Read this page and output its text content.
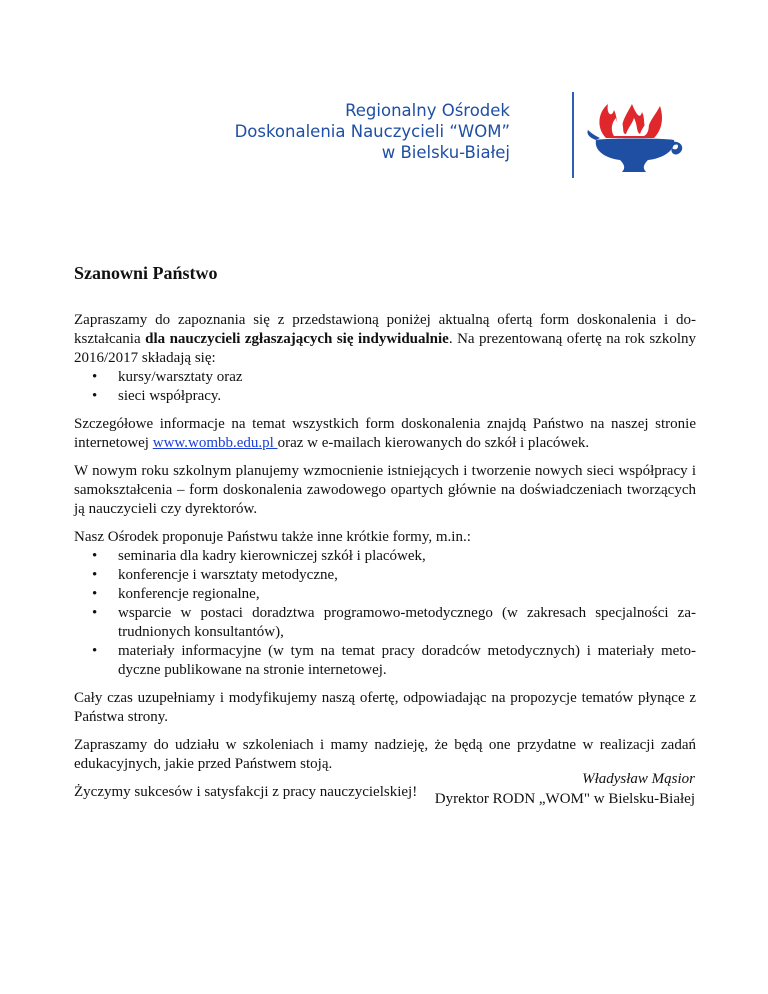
Regionalny Ośrodek
Doskonalenia Nauczycieli “WOM”
w Bielsku-Białej
Szanowni Państwo

Zapraszamy do zapoznania się z przedstawioną poniżej aktualną ofertą form doskonalenia i dokształcania dla nauczycieli zgłaszających się indywidualnie. Na prezentowaną ofertę na rok szkolny 2016/2017 składają się:

• kursy/warsztaty oraz
• sieci współpracy.

Szczegółowe informacje na temat wszystkich form doskonalenia znajdą Państwo na naszej stronie internetowej www.wombb.edu.pl oraz w e-mailach kierowanych do szkół i placówek.

W nowym roku szkolnym planujemy wzmocnienie istniejących i tworzenie nowych sieci współpracy i samokształcenia – form doskonalenia zawodowego opartych głównie na doświadczeniach tworzących ją nauczycieli czy dyrektorów.

Nasz Ośrodek proponuje Państwu także inne krótkie formy, m.in.:

• seminaria dla kadry kierowniczej szkół i placówek,
• konferencje i warsztaty metodyczne,
• konferencje regionalne,
• wsparcie w postaci doradztwa programowo-metodycznego (w zakresach specjalności zatrudnionych konsultantów),
• materiały informacyjne (w tym na temat pracy doradców metodycznych) i materiały metodyczne publikowane na stronie internetowej.

Cały czas uzupełniamy i modyfikujemy naszą ofertę, odpowiadając na propozycje tematów płynące z Państwa strony.

Zapraszamy do udziału w szkoleniach i mamy nadzieję, że będą one przydatne w realizacji zadań edukacyjnych, jakie przed Państwem stoją.

Życzymy sukcesów i satysfakcji z pracy nauczycielskiej!

Władysław Mąsior
Dyrektor RODN „WOM" w Bielsku-Białej
